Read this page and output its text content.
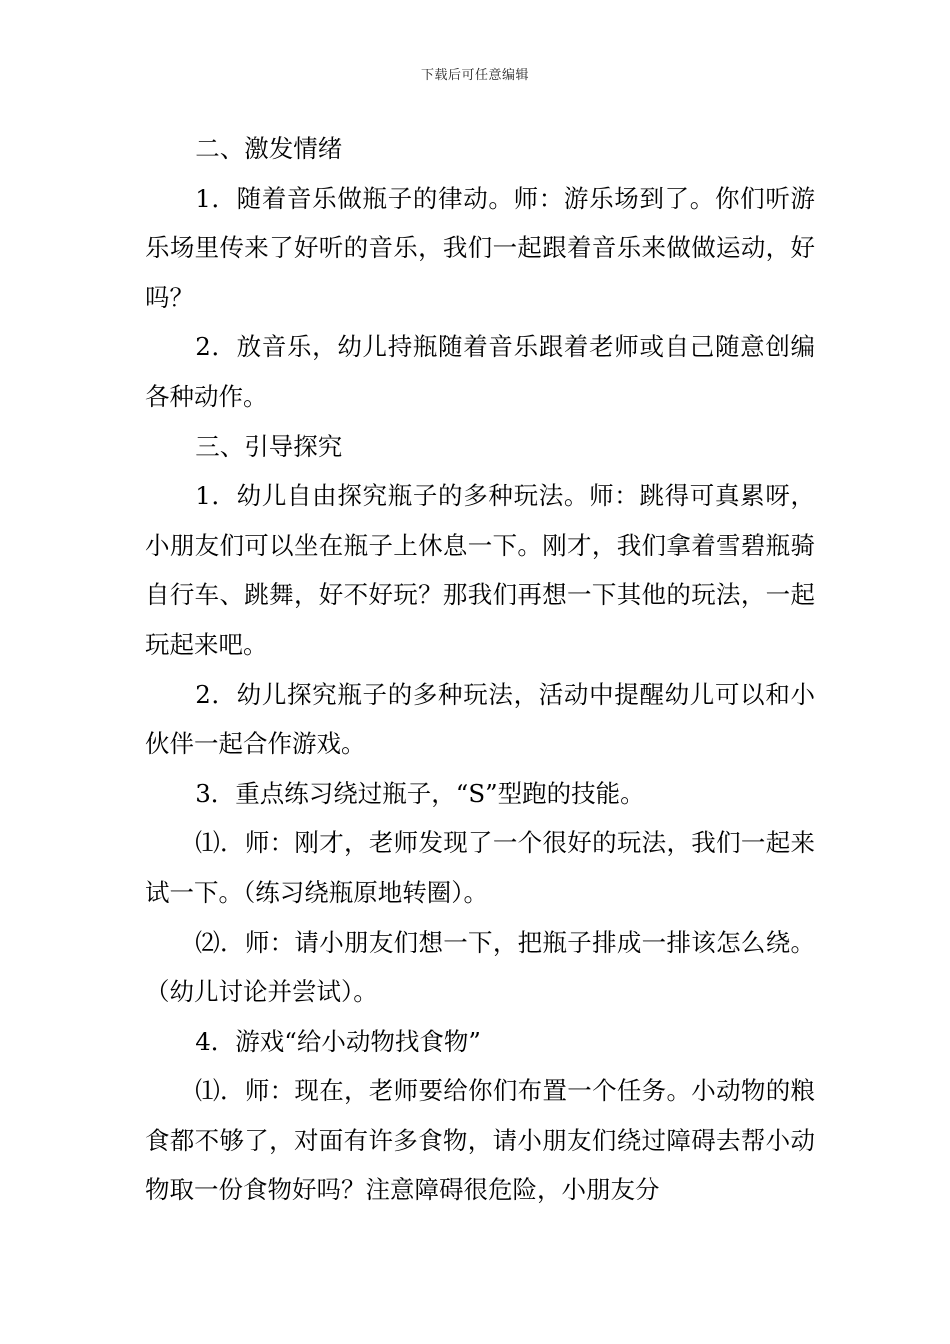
下载后可任意编辑

二、激发情绪

1．随着音乐做瓶子的律动。师：游乐场到了。你们听游乐场里传来了好听的音乐，我们一起跟着音乐来做做运动，好吗？

2．放音乐，幼儿持瓶随着音乐跟着老师或自己随意创编各种动作。

三、引导探究

1．幼儿自由探究瓶子的多种玩法。师：跳得可真累呀，小朋友们可以坐在瓶子上休息一下。刚才，我们拿着雪碧瓶骑自行车、跳舞，好不好玩？那我们再想一下其他的玩法，一起玩起来吧。

2．幼儿探究瓶子的多种玩法，活动中提醒幼儿可以和小伙伴一起合作游戏。

3．重点练习绕过瓶子，“S”型跑的技能。

⑴．师：刚才，老师发现了一个很好的玩法，我们一起来试一下。（练习绕瓶原地转圈）。

⑵．师：请小朋友们想一下，把瓶子排成一排该怎么绕。（幼儿讨论并尝试）。

4．游戏“给小动物找食物”

⑴．师：现在，老师要给你们布置一个任务。小动物的粮食都不够了，对面有许多食物，请小朋友们绕过障碍去帮小动物取一份食物好吗？注意障碍很危险，小朋友分
